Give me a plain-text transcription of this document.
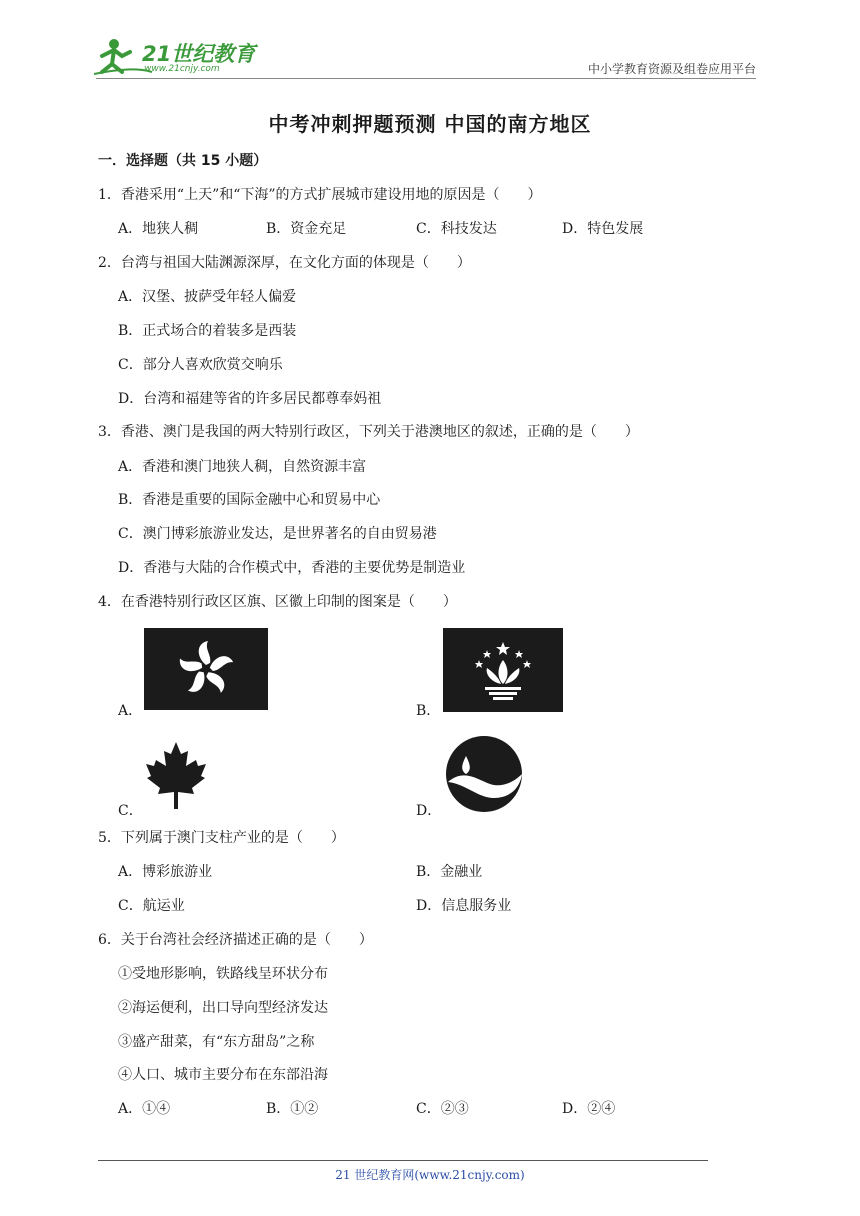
21世纪教育
www.21cnjy.com	中小学教育资源及组卷应用平台
中考冲刺押题预测 中国的南方地区
一．选择题（共 15 小题）
1．香港采用“上天”和“下海”的方式扩展城市建设用地的原因是（　　）
A．地狭人稠	B．资金充足	C．科技发达	D．特色发展
2．台湾与祖国大陆渊源深厚，在文化方面的体现是（　　）
A．汉堡、披萨受年轻人偏爱
B．正式场合的着装多是西装
C．部分人喜欢欣赏交响乐
D．台湾和福建等省的许多居民都尊奉妈祖
3．香港、澳门是我国的两大特别行政区，下列关于港澳地区的叙述，正确的是（　　）
A．香港和澳门地狭人稠，自然资源丰富
B．香港是重要的国际金融中心和贸易中心
C．澳门博彩旅游业发达，是世界著名的自由贸易港
D．香港与大陆的合作模式中，香港的主要优势是制造业
4．在香港特别行政区区旗、区徽上印制的图案是（　　）
A．	B．
C．	D．
5．下列属于澳门支柱产业的是（　　）
A．博彩旅游业	B．金融业
C．航运业	D．信息服务业
6．关于台湾社会经济描述正确的是（　　）
①受地形影响，铁路线呈环状分布
②海运便利，出口导向型经济发达
③盛产甜菜，有“东方甜岛”之称
④人口、城市主要分布在东部沿海
A．①④	B．①②	C．②③	D．②④
21 世纪教育网(www.21cnjy.com)
